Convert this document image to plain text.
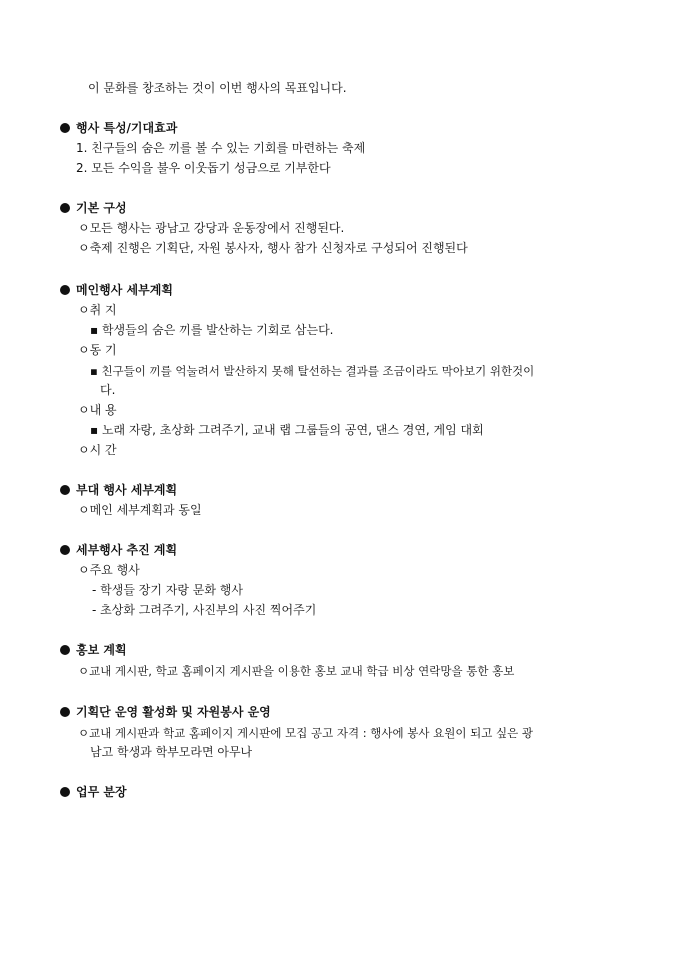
이 문화를 창조하는 것이 이번 행사의 목표입니다.
행사 특성/기대효과
1. 친구들의 숨은 끼를 볼 수 있는 기회를 마련하는 축제
2. 모든 수익을 불우 이웃돕기 성금으로 기부한다
기본 구성
ㅇ모든 행사는 광남고 강당과 운동장에서 진행된다.
ㅇ축제 진행은 기획단, 자원 봉사자, 행사 참가 신청자로 구성되어 진행된다
메인행사 세부계획
ㅇ취 지
▪ 학생들의 숨은 끼를 발산하는 기회로 삼는다.
ㅇ동 기
▪ 친구들이 끼를 억눌려서 발산하지 못해 탈선하는 결과를 조금이라도 막아보기 위한것이
다.
ㅇ내 용
▪ 노래 자랑, 초상화 그려주기, 교내 랩 그룹들의 공연, 댄스 경연, 게임 대회
ㅇ시 간
부대 행사 세부계획
ㅇ메인 세부계획과 동일
세부행사 추진 계획
ㅇ주요 행사
- 학생들 장기 자랑 문화 행사
- 초상화 그려주기, 사진부의 사진 찍어주기
홍보 계획
ㅇ교내 게시판, 학교 홈페이지 게시판을 이용한 홍보 교내 학급 비상 연락망을 통한 홍보
기획단 운영 활성화 및 자원봉사 운영
ㅇ교내 게시판과 학교 홈페이지 게시판에 모집 공고 자격 : 행사에 봉사 요원이 되고 싶은 광
남고 학생과 학부모라면 아무나
업무 분장
